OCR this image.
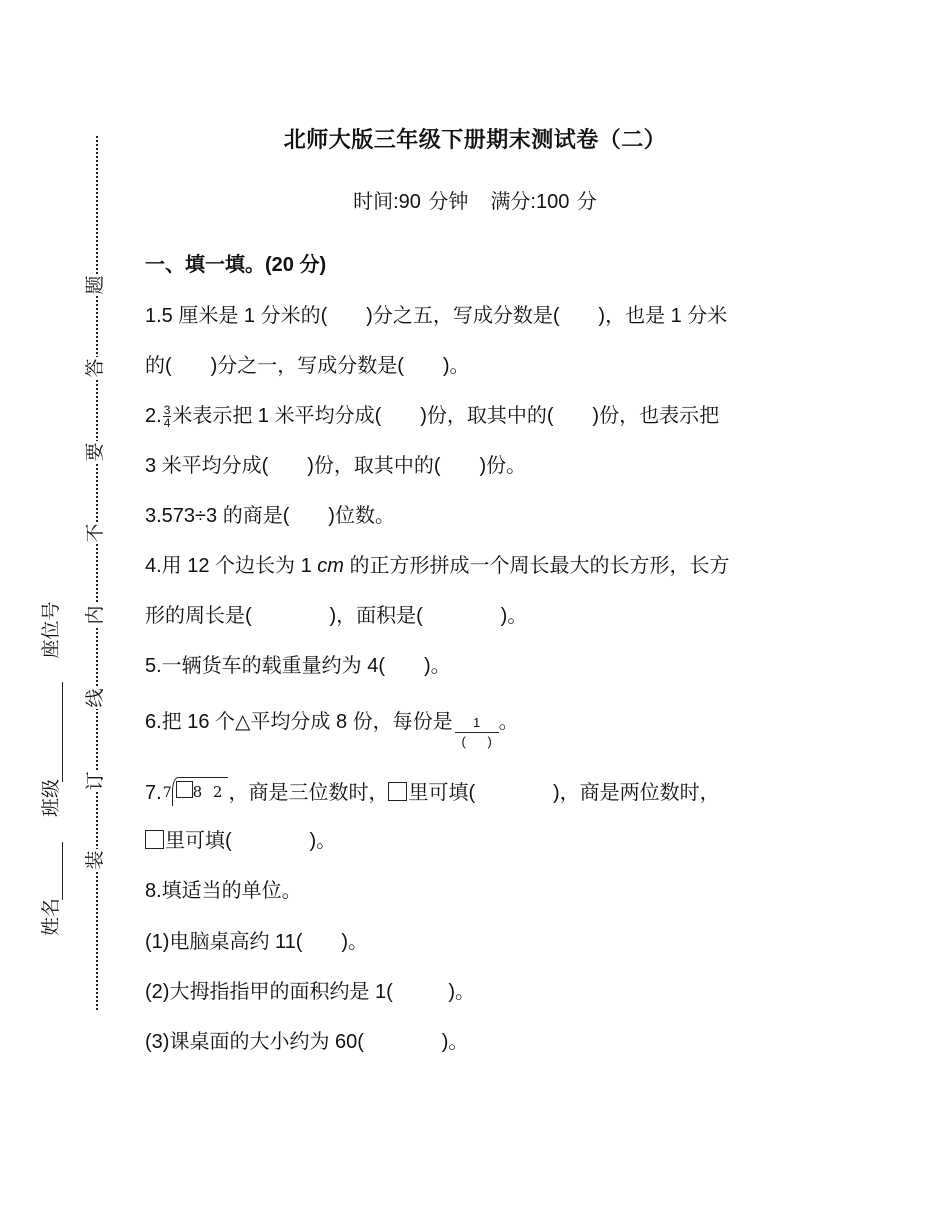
题
答
要
不
内
线
订
装
座位号
班级
姓名
北师大版三年级下册期末测试卷（二）
时间:90 分钟 满分:100 分
一、填一填。(20 分)
1.5 厘米是 1 分米的( )分之五，写成分数是( )，也是 1 分米
的( )分之一，写成分数是( )。
2. $\frac{3}{4}$ 米表示把 1 米平均分成( )份，取其中的( )份，也表示把
3 米平均分成( )份，取其中的( )份。
3.573÷3 的商是( )位数。
4.用 12 个边长为 1 cm 的正方形拼成一个周长最大的长方形，长方
形的周长是(	)，面积是(	)。
5.一辆货车的载重量约为 4( )。
6.把 16 个△平均分成 8 份，每份是 $\frac{1}{( )}$ 。
7.7 8 2 ，商是三位数时， 里可填(	)，商是两位数时，
里可填(	)。
8.填适当的单位。
(1)电脑桌高约 11( )。
(2)大拇指指甲的面积约是 1(	)。
(3)课桌面的大小约为 60(	)。
